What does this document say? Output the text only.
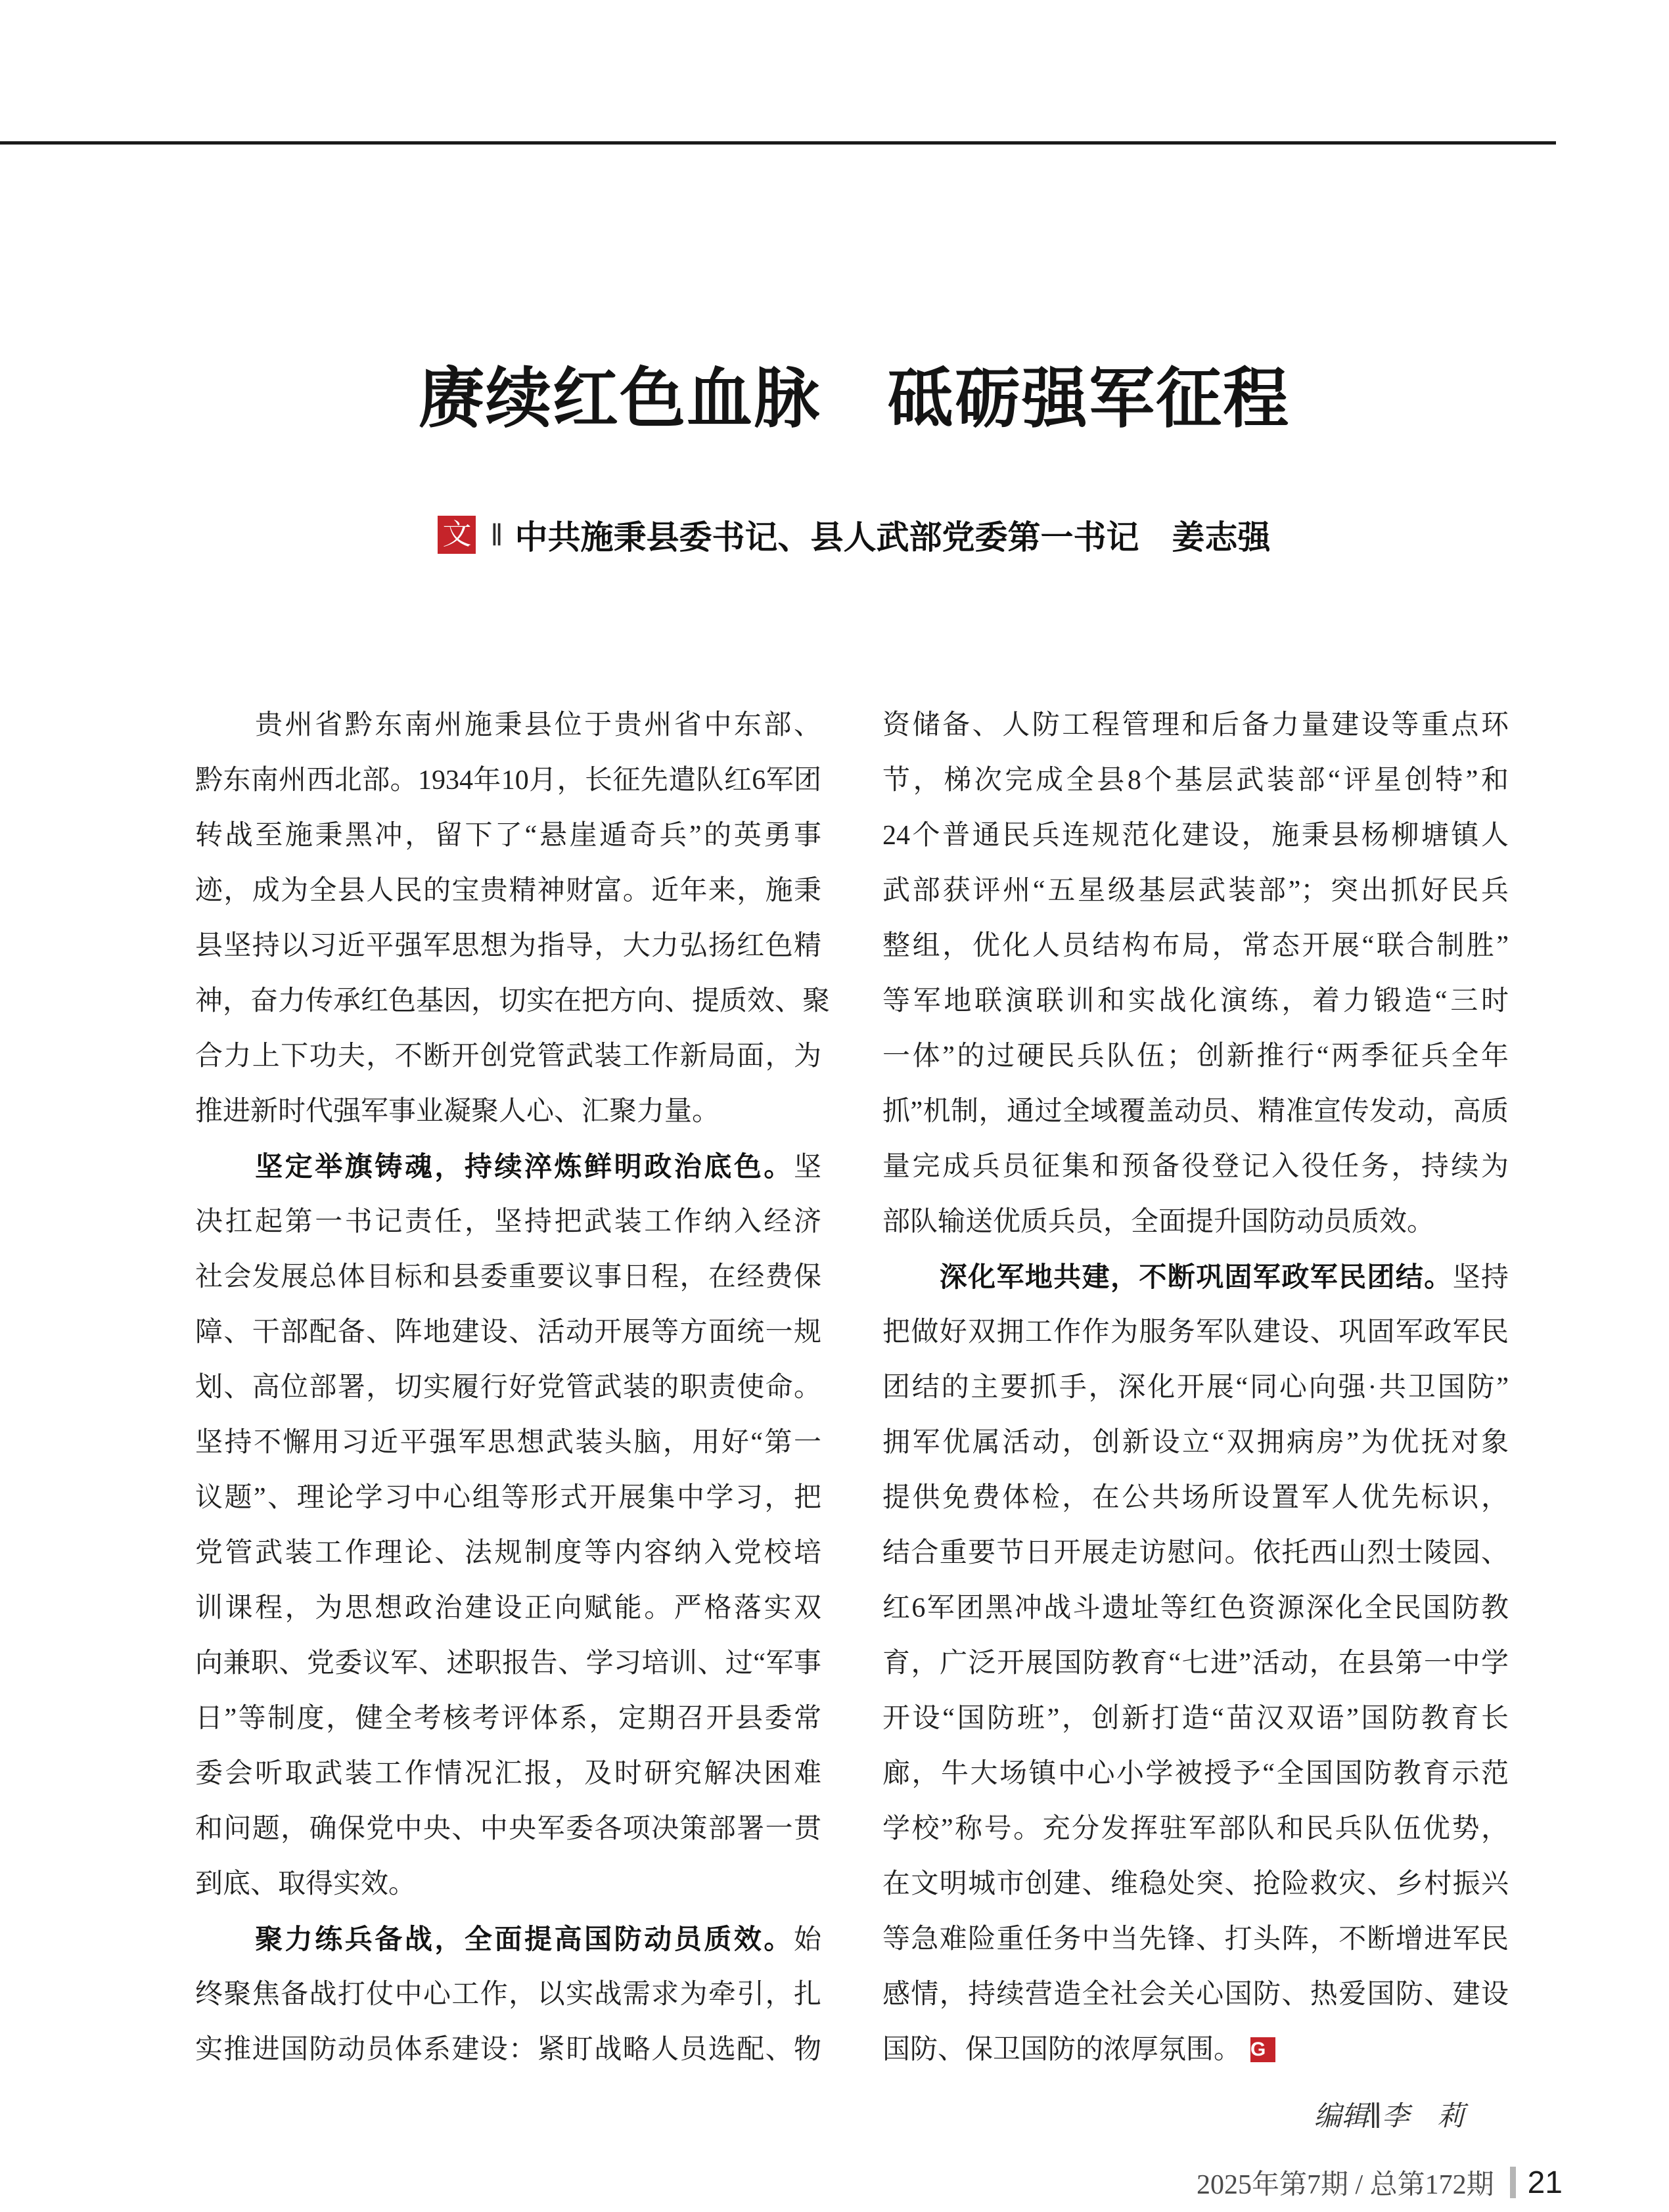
赓续红色血脉　砥砺强军征程
文 ‖ 中共施秉县委书记、县人武部党委第一书记　姜志强
　　贵州省黔东南州施秉县位于贵州省中东部、
黔东南州西北部。1934年10月，长征先遣队红6军团
转战至施秉黑冲，留下了“悬崖遁奇兵”的英勇事
迹，成为全县人民的宝贵精神财富。近年来，施秉
县坚持以习近平强军思想为指导，大力弘扬红色精
神，奋力传承红色基因，切实在把方向、提质效、聚
合力上下功夫，不断开创党管武装工作新局面，为
推进新时代强军事业凝聚人心、汇聚力量。
　　坚定举旗铸魂，持续淬炼鲜明政治底色。坚
决扛起第一书记责任，坚持把武装工作纳入经济
社会发展总体目标和县委重要议事日程，在经费保
障、干部配备、阵地建设、活动开展等方面统一规
划、高位部署，切实履行好党管武装的职责使命。
坚持不懈用习近平强军思想武装头脑，用好“第一
议题”、理论学习中心组等形式开展集中学习，把
党管武装工作理论、法规制度等内容纳入党校培
训课程，为思想政治建设正向赋能。严格落实双
向兼职、党委议军、述职报告、学习培训、过“军事
日”等制度，健全考核考评体系，定期召开县委常
委会听取武装工作情况汇报，及时研究解决困难
和问题，确保党中央、中央军委各项决策部署一贯
到底、取得实效。
　　聚力练兵备战，全面提高国防动员质效。始
终聚焦备战打仗中心工作，以实战需求为牵引，扎
实推进国防动员体系建设：紧盯战略人员选配、物
资储备、人防工程管理和后备力量建设等重点环
节，梯次完成全县8个基层武装部“评星创特”和
24个普通民兵连规范化建设，施秉县杨柳塘镇人
武部获评州“五星级基层武装部”；突出抓好民兵
整组，优化人员结构布局，常态开展“联合制胜”
等军地联演联训和实战化演练，着力锻造“三时
一体”的过硬民兵队伍；创新推行“两季征兵全年
抓”机制，通过全域覆盖动员、精准宣传发动，高质
量完成兵员征集和预备役登记入役任务，持续为
部队输送优质兵员，全面提升国防动员质效。
　　深化军地共建，不断巩固军政军民团结。坚持
把做好双拥工作作为服务军队建设、巩固军政军民
团结的主要抓手，深化开展“同心向强·共卫国防”
拥军优属活动，创新设立“双拥病房”为优抚对象
提供免费体检，在公共场所设置军人优先标识，
结合重要节日开展走访慰问。依托西山烈士陵园、
红6军团黑冲战斗遗址等红色资源深化全民国防教
育，广泛开展国防教育“七进”活动，在县第一中学
开设“国防班”，创新打造“苗汉双语”国防教育长
廊，牛大场镇中心小学被授予“全国国防教育示范
学校”称号。充分发挥驻军部队和民兵队伍优势，
在文明城市创建、维稳处突、抢险救灾、乡村振兴
等急难险重任务中当先锋、打头阵，不断增进军民
感情，持续营造全社会关心国防、热爱国防、建设
国防、保卫国防的浓厚氛围。 G
编辑∥李　莉
2025年第7期 / 总第172期 21
